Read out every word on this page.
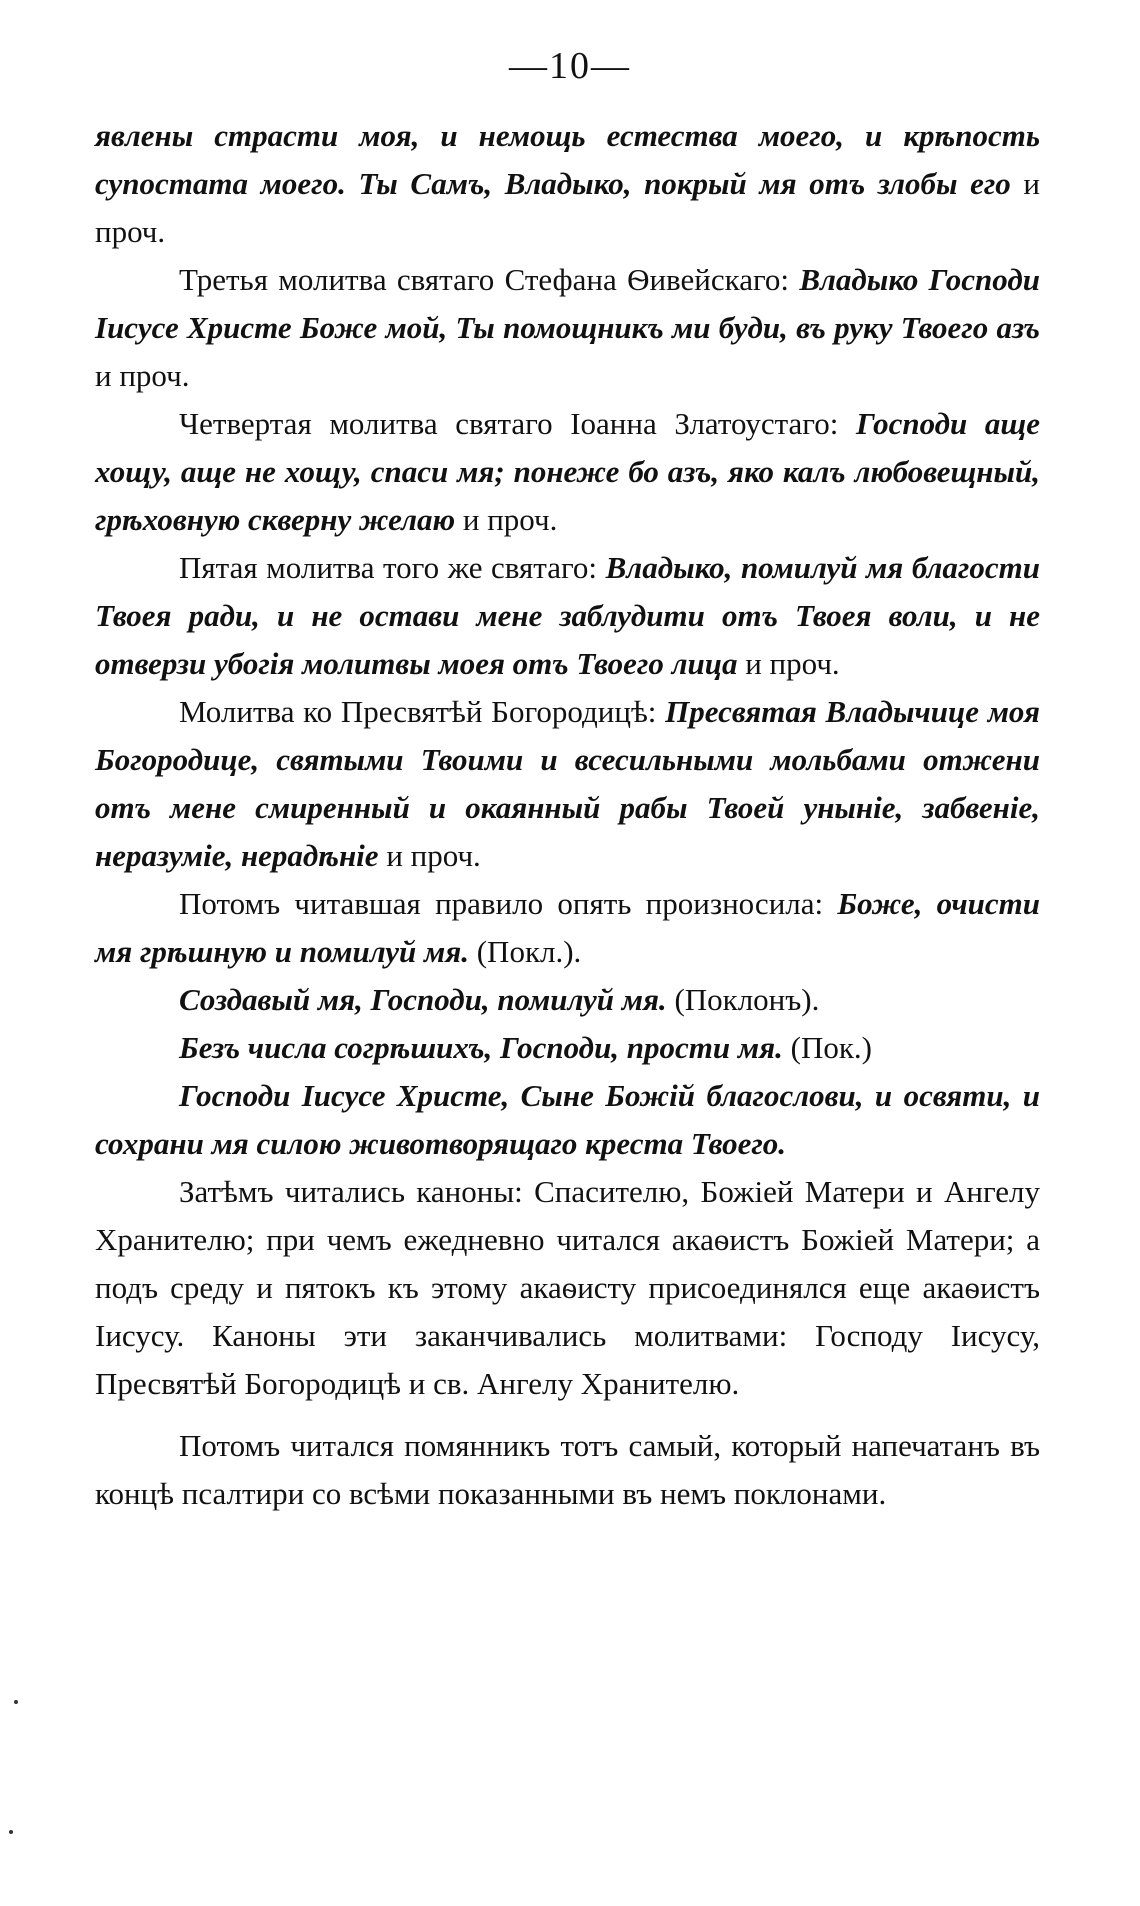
—10—

явлены страсти моя, и немощь естества моего, и крѣпость супостата моего. Ты Самъ, Владыко, покрый мя отъ злобы его и проч.

Третья молитва святаго Стефана Ѳивейскаго: Владыко Господи Іисусе Христе Боже мой, Ты помощникъ ми буди, въ руку Твоего азъ и проч.

Четвертая молитва святаго Іоанна Златоустаго: Господи аще хощу, аще не хощу, спаси мя; понеже бо азъ, яко калъ любовещный, грѣховную скверну желаю и проч.

Пятая молитва того же святаго: Владыко, помилуй мя благости Твоея ради, и не остави мене заблудити отъ Твоея воли, и не отверзи убогія молитвы моея отъ Твоего лица и проч.

Молитва ко Пресвятѣй Богородицѣ: Пресвятая Владычице моя Богородице, святыми Твоими и всесильными мольбами отжени отъ мене смиренный и окаянный рабы Твоей уныніе, забвеніе, неразуміе, нерадѣніе и проч.

Потомъ читавшая правило опять произносила: Боже, очисти мя грѣшную и помилуй мя. (Покл.).

Создавый мя, Господи, помилуй мя. (Поклонъ).

Безъ числа согрѣшихъ, Господи, прости мя. (Пок.)

Господи Іисусе Христе, Сыне Божій благослови, и освяти, и сохрани мя силою животворящаго креста Твоего.

Затѣмъ читались каноны: Спасителю, Божіей Матери и Ангелу Хранителю; при чемъ ежедневно читался акаѳистъ Божіей Матери; а подъ среду и пятокъ къ этому акаѳисту присоединялся еще акаѳистъ Іисусу. Каноны эти заканчивались молитвами: Господу Іисусу, Пресвятѣй Богородицѣ и св. Ангелу Хранителю.

Потомъ читался помянникъ тотъ самый, который напечатанъ въ концѣ псалтири со всѣми показанными въ немъ поклонами.
